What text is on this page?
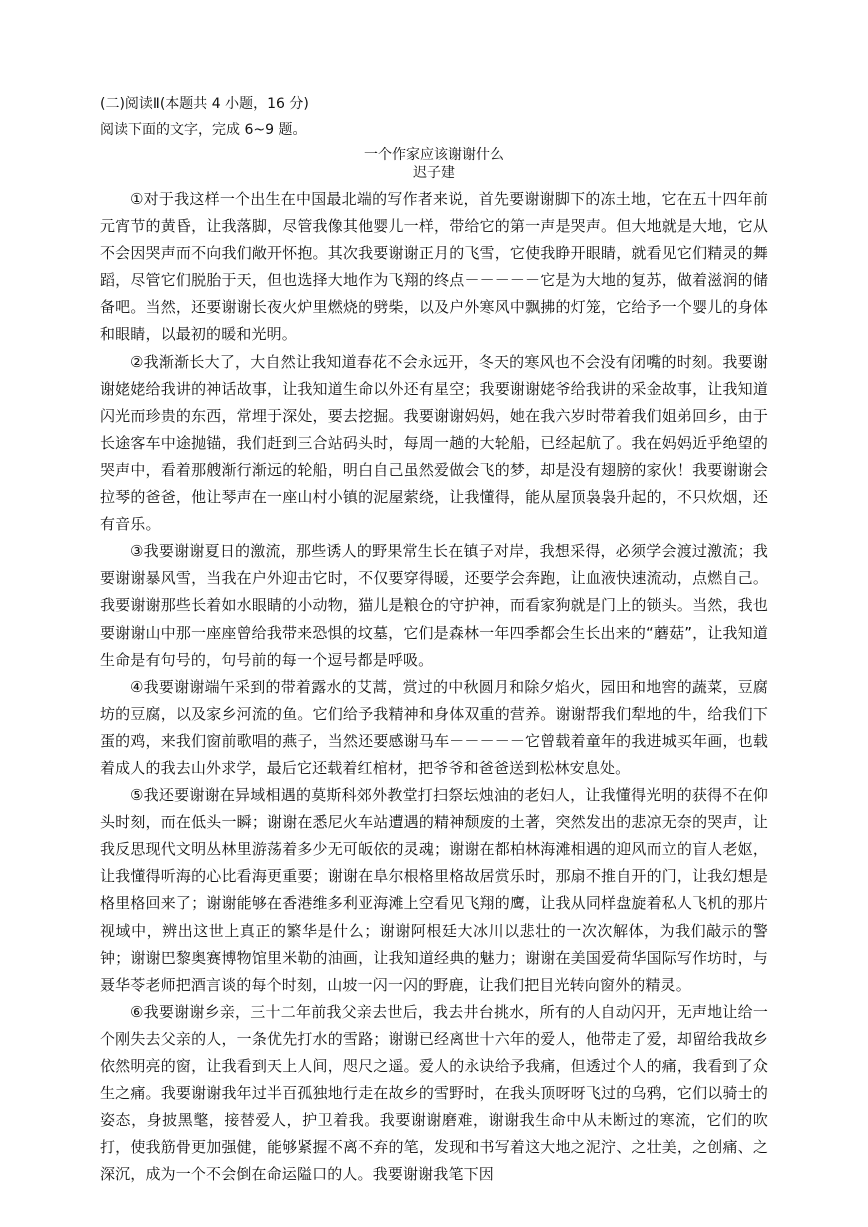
(二)阅读Ⅱ(本题共 4 小题，16 分)
阅读下面的文字，完成 6~9 题。
一个作家应该谢谢什么
迟子建

①对于我这样一个出生在中国最北端的写作者来说，首先要谢谢脚下的冻土地，它在五十四年前元宵节的黄昏，让我落脚，尽管我像其他婴儿一样，带给它的第一声是哭声。但大地就是大地，它从不会因哭声而不向我们敞开怀抱。其次我要谢谢正月的飞雪，它使我睁开眼睛，就看见它们精灵的舞蹈，尽管它们脱胎于天，但也选择大地作为飞翔的终点－－－－－它是为大地的复苏，做着滋润的储备吧。当然，还要谢谢长夜火炉里燃烧的劈柴，以及户外寒风中飘拂的灯笼，它给予一个婴儿的身体和眼睛，以最初的暖和光明。

②我渐渐长大了，大自然让我知道春花不会永远开，冬天的寒风也不会没有闭嘴的时刻。我要谢谢姥姥给我讲的神话故事，让我知道生命以外还有星空；我要谢谢姥爷给我讲的采金故事，让我知道闪光而珍贵的东西，常埋于深处，要去挖掘。我要谢谢妈妈，她在我六岁时带着我们姐弟回乡，由于长途客车中途抛锚，我们赶到三合站码头时，每周一趟的大轮船，已经起航了。我在妈妈近乎绝望的哭声中，看着那艘渐行渐远的轮船，明白自己虽然爱做会飞的梦，却是没有翅膀的家伙！我要谢谢会拉琴的爸爸，他让琴声在一座山村小镇的泥屋萦绕，让我懂得，能从屋顶袅袅升起的，不只炊烟，还有音乐。

③我要谢谢夏日的激流，那些诱人的野果常生长在镇子对岸，我想采得，必须学会渡过激流；我要谢谢暴风雪，当我在户外迎击它时，不仅要穿得暖，还要学会奔跑，让血液快速流动，点燃自己。我要谢谢那些长着如水眼睛的小动物，猫儿是粮仓的守护神，而看家狗就是门上的锁头。当然，我也要谢谢山中那一座座曾给我带来恐惧的坟墓，它们是森林一年四季都会生长出来的“蘑菇”，让我知道生命是有句号的，句号前的每一个逗号都是呼吸。

④我要谢谢端午采到的带着露水的艾蒿，赏过的中秋圆月和除夕焰火，园田和地窖的蔬菜，豆腐坊的豆腐，以及家乡河流的鱼。它们给予我精神和身体双重的营养。谢谢帮我们犁地的牛，给我们下蛋的鸡，来我们窗前歌唱的燕子，当然还要感谢马车－－－－－它曾载着童年的我进城买年画，也载着成人的我去山外求学，最后它还载着红棺材，把爷爷和爸爸送到松林安息处。

⑤我还要谢谢在异域相遇的莫斯科郊外教堂打扫祭坛烛油的老妇人，让我懂得光明的获得不在仰头时刻，而在低头一瞬；谢谢在悉尼火车站遭遇的精神颓废的土著，突然发出的悲凉无奈的哭声，让我反思现代文明丛林里游荡着多少无可皈依的灵魂；谢谢在都柏林海滩相遇的迎风而立的盲人老妪，让我懂得听海的心比看海更重要；谢谢在阜尔根格里格故居赏乐时，那扇不推自开的门，让我幻想是格里格回来了；谢谢能够在香港维多利亚海滩上空看见飞翔的鹰，让我从同样盘旋着私人飞机的那片视域中，辨出这世上真正的繁华是什么；谢谢阿根廷大冰川以悲壮的一次次解体，为我们敲示的警钟；谢谢巴黎奥赛博物馆里米勒的油画，让我知道经典的魅力；谢谢在美国爱荷华国际写作坊时，与聂华苓老师把酒言谈的每个时刻，山坡一闪一闪的野鹿，让我们把目光转向窗外的精灵。

⑥我要谢谢乡亲，三十二年前我父亲去世后，我去井台挑水，所有的人自动闪开，无声地让给一个刚失去父亲的人，一条优先打水的雪路；谢谢已经离世十六年的爱人，他带走了爱，却留给我故乡依然明亮的窗，让我看到天上人间，咫尺之遥。爱人的永诀给予我痛，但透过个人的痛，我看到了众生之痛。我要谢谢我年过半百孤独地行走在故乡的雪野时，在我头顶呀呀飞过的乌鸦，它们以骑士的姿态，身披黑氅，接替爱人，护卫着我。我要谢谢磨难，谢谢我生命中从未断过的寒流，它们的吹打，使我筋骨更加强健，能够紧握不离不弃的笔，发现和书写着这大地之泥泞、之壮美，之创痛、之深沉，成为一个不会倒在命运隘口的人。我要谢谢我笔下因
